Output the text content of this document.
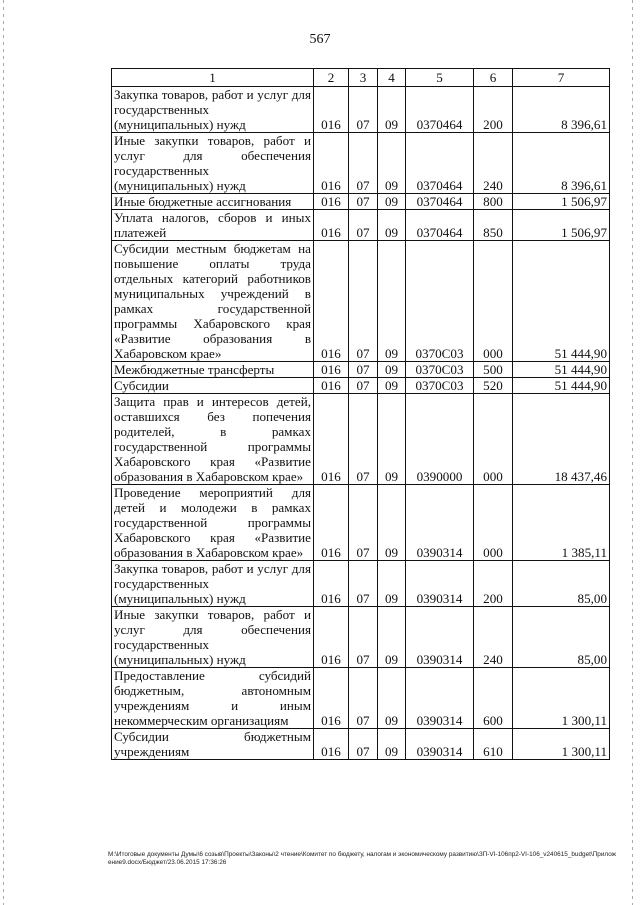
567
1	2	3	4	5	6	7
Закупка товаров, работ и услуг для государственных (муниципальных) нужд	016	07	09	0370464	200	8 396,61
Иные закупки товаров, работ и услуг для обеспечения государственных (муниципальных) нужд	016	07	09	0370464	240	8 396,61
Иные бюджетные ассигнования	016	07	09	0370464	800	1 506,97
Уплата налогов, сборов и иных платежей	016	07	09	0370464	850	1 506,97
Субсидии местным бюджетам на повышение оплаты труда отдельных категорий работников муниципальных учреждений в рамках государственной программы Хабаровского края «Развитие образования в Хабаровском крае»	016	07	09	0370С03	000	51 444,90
Межбюджетные трансферты	016	07	09	0370С03	500	51 444,90
Субсидии	016	07	09	0370С03	520	51 444,90
Защита прав и интересов детей, оставшихся без попечения родителей, в рамках государственной программы Хабаровского края «Развитие образования в Хабаровском крае»	016	07	09	0390000	000	18 437,46
Проведение мероприятий для детей и молодежи в рамках государственной программы Хабаровского края «Развитие образования в Хабаровском крае»	016	07	09	0390314	000	1 385,11
Закупка товаров, работ и услуг для государственных (муниципальных) нужд	016	07	09	0390314	200	85,00
Иные закупки товаров, работ и услуг для обеспечения государственных (муниципальных) нужд	016	07	09	0390314	240	85,00
Предоставление субсидий бюджетным, автономным учреждениям и иным некоммерческим организациям	016	07	09	0390314	600	1 300,11
Субсидии бюджетным учреждениям	016	07	09	0390314	610	1 300,11
M:\Итоговые документы Думы\6 созыв\Проекты\Законы\2 чтение\Комитет по бюджету, налогам и экономическому развитию\ЗП-VI-106пр2-VI-106_v240615_budget\Приложение9.docx/Бюджет/23.06.2015 17:36:26
